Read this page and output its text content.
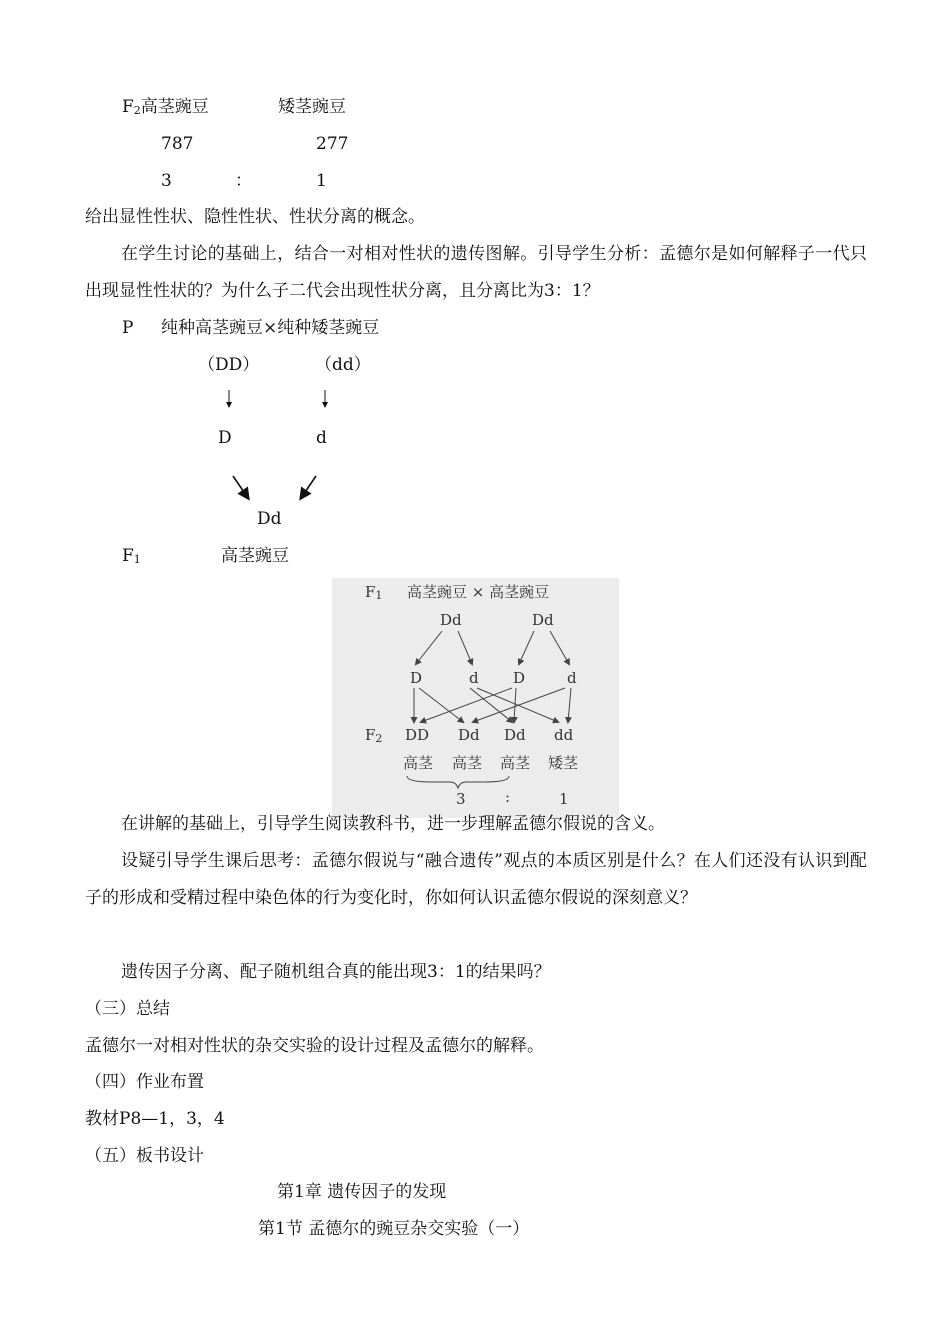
$F_2$高茎豌豆	矮茎豌豆
787	277
3	：	1
给出显性性状、隐性性状、性状分离的概念。
在学生讨论的基础上，结合一对相对性状的遗传图解。引导学生分析：孟德尔是如何解释子一代只出现显性性状的？为什么子二代会出现性状分离，且分离比为3：1？
P 纯种高茎豌豆×纯种矮茎豌豆
（DD）	（dd）
D	d
Dd
$F_1$	高茎豌豆
$F_1$ 高茎豌豆 × 高茎豌豆
Dd	Dd
D	d D	d
$F_2$ DD Dd Dd dd
高茎 高茎 高茎 矮茎
3	:	1
在讲解的基础上，引导学生阅读教科书，进一步理解孟德尔假说的含义。
设疑引导学生课后思考：孟德尔假说与“融合遗传”观点的本质区别是什么？在人们还没有认识到配子的形成和受精过程中染色体的行为变化时，你如何认识孟德尔假说的深刻意义？
遗传因子分离、配子随机组合真的能出现3：1的结果吗？
（三）总结
孟德尔一对相对性状的杂交实验的设计过程及孟德尔的解释。
（四）作业布置
教材P8—1，3，4
（五）板书设计
第1章 遗传因子的发现
第1节 孟德尔的豌豆杂交实验（一）
